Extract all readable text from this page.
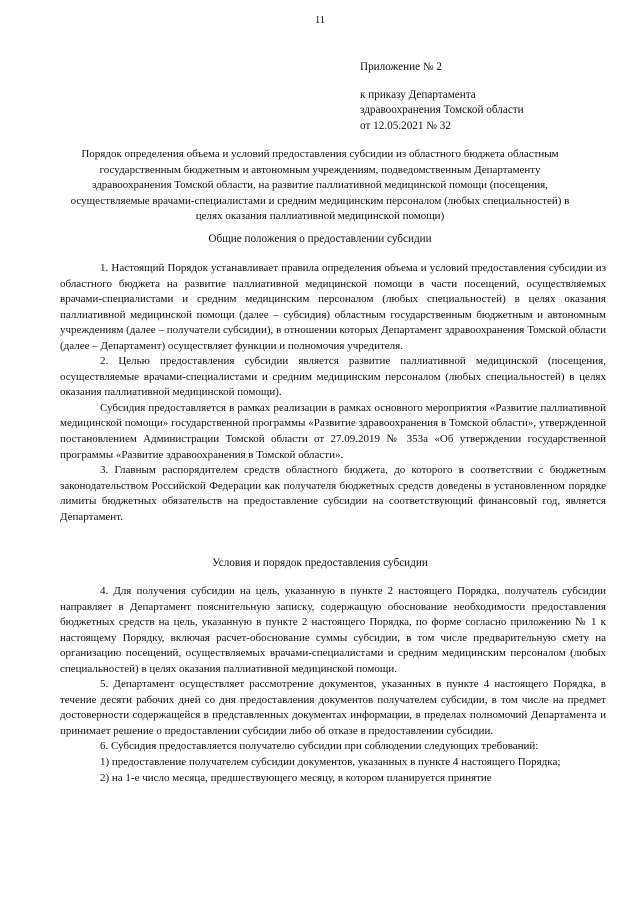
11
Приложение № 2
к приказу Департамента
здравоохранения Томской области
от 12.05.2021 № 32
Порядок определения объема и условий предоставления субсидии из областного бюджета областным государственным бюджетным и автономным учреждениям, подведомственным Департаменту здравоохранения Томской области, на развитие паллиативной медицинской помощи (посещения, осуществляемые врачами-специалистами и средним медицинским персоналом (любых специальностей) в целях оказания паллиативной медицинской помощи)
Общие положения о предоставлении субсидии

1. Настоящий Порядок устанавливает правила определения объема и условий предоставления субсидии из областного бюджета на развитие паллиативной медицинской помощи в части посещений, осуществляемых врачами-специалистами и средним медицинским персоналом (любых специальностей) в целях оказания паллиативной медицинской помощи (далее – субсидия) областным государственным бюджетным и автономным учреждениям (далее – получатели субсидии), в отношении которых Департамент здравоохранения Томской области (далее – Департамент) осуществляет функции и полномочия учредителя.

2. Целью предоставления субсидии является развитие паллиативной медицинской (посещения, осуществляемые врачами-специалистами и средним медицинским персоналом (любых специальностей) в целях оказания паллиативной медицинской помощи).

Субсидия предоставляется в рамках реализации в рамках основного мероприятия «Развитие паллиативной медицинской помощи» государственной программы «Развитие здравоохранения в Томской области», утвержденной постановлением Администрации Томской области от 27.09.2019 № 353а «Об утверждении государственной программы «Развитие здравоохранения в Томской области».

3. Главным распорядителем средств областного бюджета, до которого в соответствии с бюджетным законодательством Российской Федерации как получателя бюджетных средств доведены в установленном порядке лимиты бюджетных обязательств на предоставление субсидии на соответствующий финансовый год, является Департамент.

Условия и порядок предоставления субсидии

4. Для получения субсидии на цель, указанную в пункте 2 настоящего Порядка, получатель субсидии направляет в Департамент пояснительную записку, содержащую обоснование необходимости предоставления бюджетных средств на цель, указанную в пункте 2 настоящего Порядка, по форме согласно приложению № 1 к настоящему Порядку, включая расчет-обоснование суммы субсидии, в том числе предварительную смету на организацию посещений, осуществляемых врачами-специалистами и средним медицинским персоналом (любых специальностей) в целях оказания паллиативной медицинской помощи.

5. Департамент осуществляет рассмотрение документов, указанных в пункте 4 настоящего Порядка, в течение десяти рабочих дней со дня предоставления документов получателем субсидии, в том числе на предмет достоверности содержащейся в представленных документах информации, в пределах полномочий Департамента и принимает решение о предоставлении субсидии либо об отказе в предоставлении субсидии.

6. Субсидия предоставляется получателю субсидии при соблюдении следующих требований:

1) предоставление получателем субсидии документов, указанных в пункте 4 настоящего Порядка;

2) на 1-е число месяца, предшествующего месяцу, в котором планируется принятие
